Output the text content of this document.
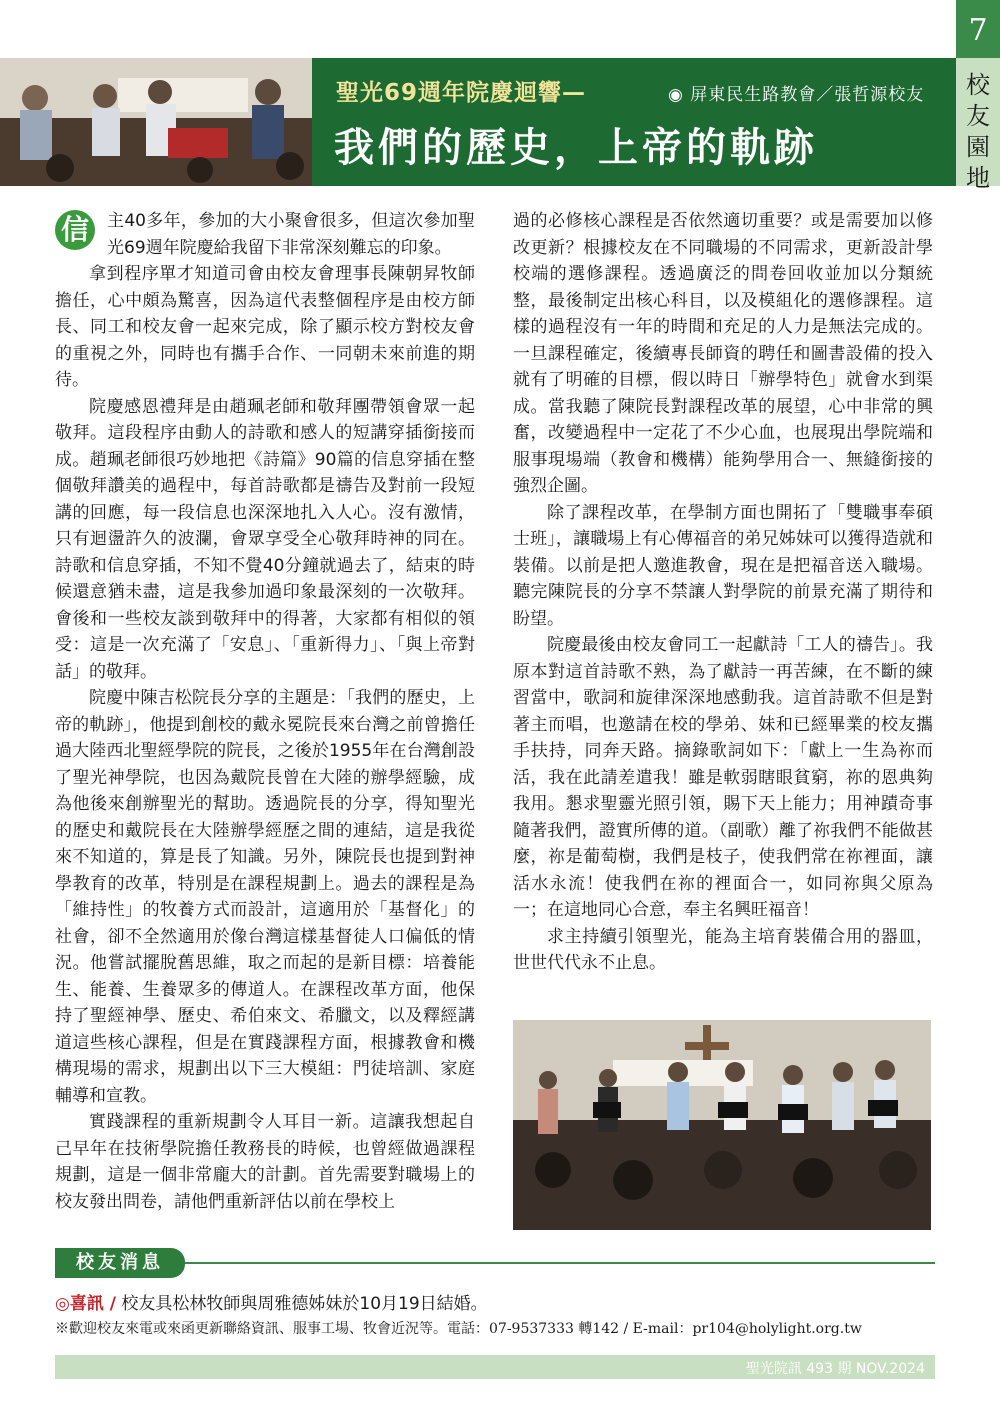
7
校友園地
聖光69週年院慶迴響—	◉ 屏東民生路教會／張哲源校友
我們的歷史，上帝的軌跡

信	主40多年，參加的大小聚會很多，但這次參加聖光69週年院慶給我留下非常深刻難忘的印象。

拿到程序單才知道司會由校友會理事長陳朝昇牧師擔任，心中頗為驚喜，因為這代表整個程序是由校方師長、同工和校友會一起來完成，除了顯示校方對校友會的重視之外，同時也有攜手合作、一同朝未來前進的期待。

院慶感恩禮拜是由趙珮老師和敬拜團帶領會眾一起敬拜。這段程序由動人的詩歌和感人的短講穿插銜接而成。趙珮老師很巧妙地把《詩篇》90篇的信息穿插在整個敬拜讚美的過程中，每首詩歌都是禱告及對前一段短講的回應，每一段信息也深深地扎入人心。沒有激情，只有迴盪許久的波瀾，會眾享受全心敬拜時神的同在。詩歌和信息穿插，不知不覺40分鐘就過去了，結束的時候還意猶未盡，這是我參加過印象最深刻的一次敬拜。會後和一些校友談到敬拜中的得著，大家都有相似的領受：這是一次充滿了「安息」、「重新得力」、「與上帝對話」的敬拜。

院慶中陳吉松院長分享的主題是：「我們的歷史，上帝的軌跡」，他提到創校的戴永冕院長來台灣之前曾擔任過大陸西北聖經學院的院長，之後於1955年在台灣創設了聖光神學院，也因為戴院長曾在大陸的辦學經驗，成為他後來創辦聖光的幫助。透過院長的分享，得知聖光的歷史和戴院長在大陸辦學經歷之間的連結，這是我從來不知道的，算是長了知識。另外，陳院長也提到對神學教育的改革，特別是在課程規劃上。過去的課程是為「維持性」的牧養方式而設計，這適用於「基督化」的社會，卻不全然適用於像台灣這樣基督徒人口偏低的情況。他嘗試擺脫舊思維，取之而起的是新目標：培養能生、能養、生養眾多的傳道人。在課程改革方面，他保持了聖經神學、歷史、希伯來文、希臘文，以及釋經講道這些核心課程，但是在實踐課程方面，根據教會和機構現場的需求，規劃出以下三大模組：門徒培訓、家庭輔導和宣教。

實踐課程的重新規劃令人耳目一新。這讓我想起自己早年在技術學院擔任教務長的時候，也曾經做過課程規劃，這是一個非常龐大的計劃。首先需要對職場上的校友發出問卷，請他們重新評估以前在學校上

過的必修核心課程是否依然適切重要？或是需要加以修改更新？根據校友在不同職場的不同需求，更新設計學校端的選修課程。透過廣泛的問卷回收並加以分類統整，最後制定出核心科目，以及模組化的選修課程。這樣的過程沒有一年的時間和充足的人力是無法完成的。一旦課程確定，後續專長師資的聘任和圖書設備的投入就有了明確的目標，假以時日「辦學特色」就會水到渠成。當我聽了陳院長對課程改革的展望，心中非常的興奮，改變過程中一定花了不少心血，也展現出學院端和服事現場端（教會和機構）能夠學用合一、無縫銜接的強烈企圖。

除了課程改革，在學制方面也開拓了「雙職事奉碩士班」，讓職場上有心傳福音的弟兄姊妹可以獲得造就和裝備。以前是把人邀進教會，現在是把福音送入職場。聽完陳院長的分享不禁讓人對學院的前景充滿了期待和盼望。

院慶最後由校友會同工一起獻詩「工人的禱告」。我原本對這首詩歌不熟，為了獻詩一再苦練，在不斷的練習當中，歌詞和旋律深深地感動我。這首詩歌不但是對著主而唱，也邀請在校的學弟、妹和已經畢業的校友攜手扶持，同奔天路。摘錄歌詞如下：「獻上一生為祢而活，我在此請差遣我！雖是軟弱瞎眼貧窮，祢的恩典夠我用。懇求聖靈光照引領，賜下天上能力；用神蹟奇事隨著我們，證實所傳的道。（副歌）離了祢我們不能做甚麼，祢是葡萄樹，我們是枝子，使我們常在祢裡面，讓活水永流！使我們在祢的裡面合一，如同祢與父原為一；在這地同心合意，奉主名興旺福音！

求主持續引領聖光，能為主培育裝備合用的器皿，世世代代永不止息。

校友消息
◎喜訊 / 校友具松林牧師與周雅德姊妹於10月19日結婚。
※歡迎校友來電或來函更新聯絡資訊、服事工場、牧會近況等。電話：07-9537333 轉142 / E-mail：pr104@holylight.org.tw
聖光院訊 493 期 NOV.2024
